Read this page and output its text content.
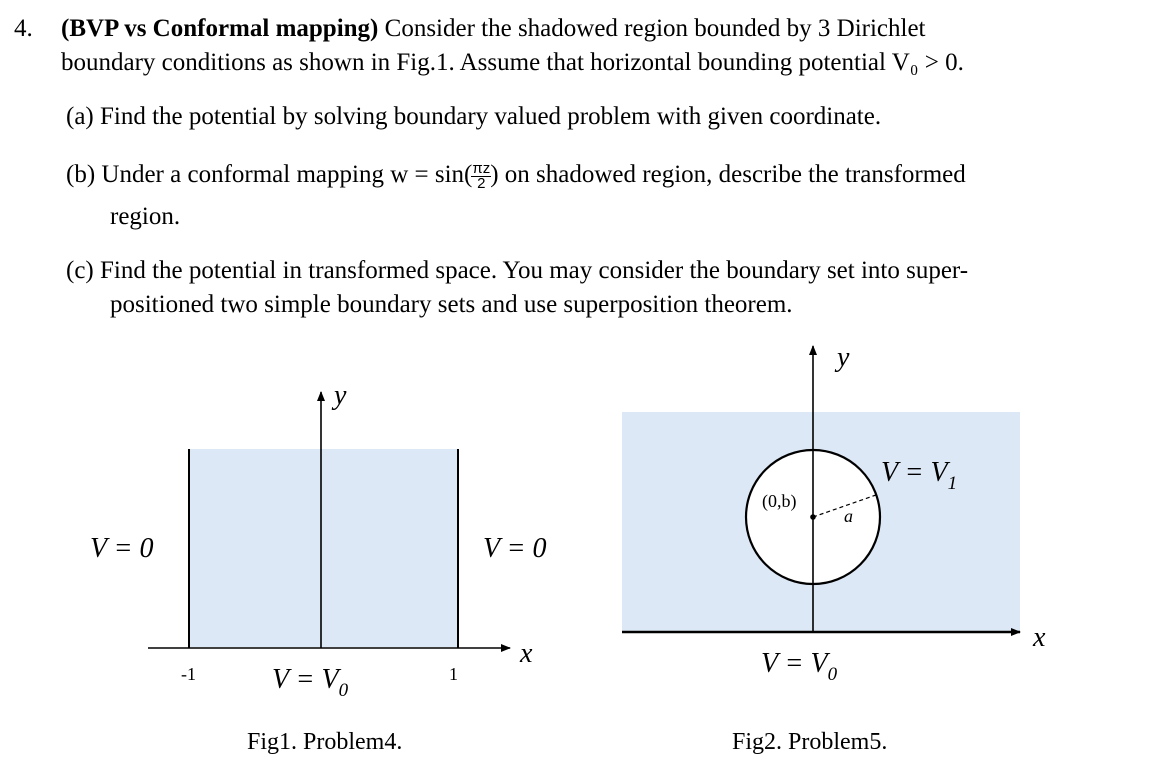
4. (BVP vs Conformal mapping) Consider the shadowed region bounded by 3 Dirichlet
boundary conditions as shown in Fig.1. Assume that horizontal bounding potential V₀ > 0.
(a) Find the potential by solving boundary valued problem with given coordinate.
(b) Under a conformal mapping $w = \sin( \frac{\pi z}{2}$ ) on shadowed region, describe the transformed
region.
(c) Find the potential in transformed space. You may consider the boundary set into super-
positioned two simple boundary sets and use superposition theorem.
y
x
V = 0	V = 0
$V = V_0$
-1	1
y
x
(0,b)
a
$V = V_1$
$V = V_0$
Fig1. Problem4.	Fig2. Problem5.
